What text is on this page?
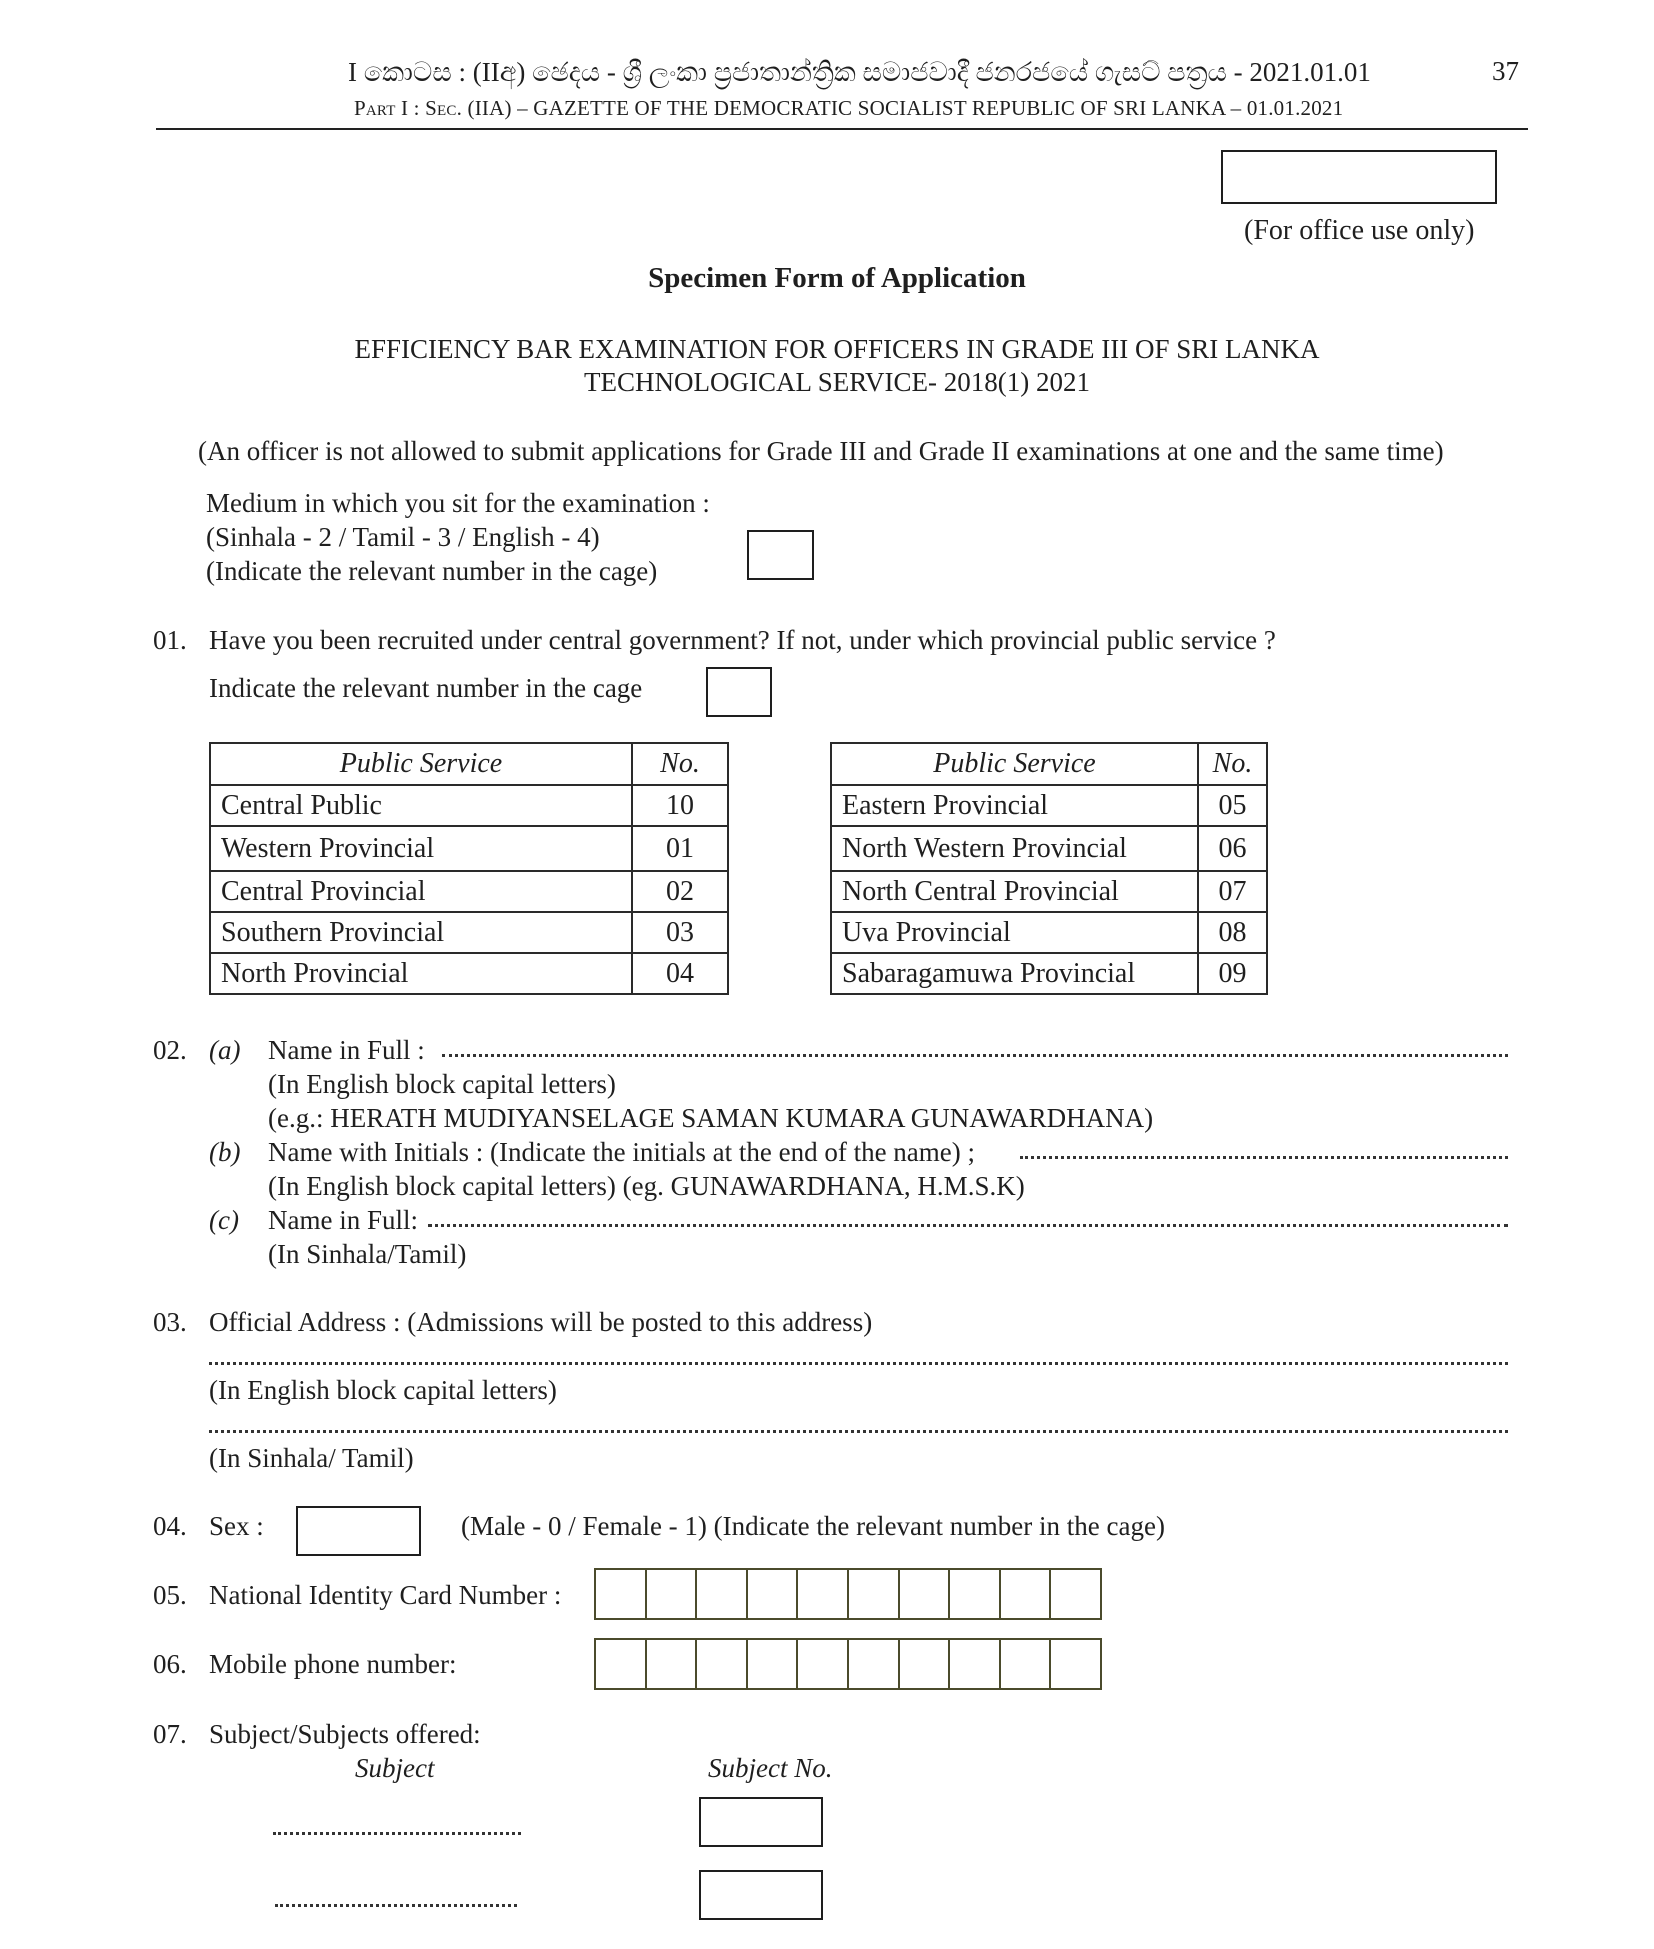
I කොටස : (IIඅ) ඡෙදය - ශ්‍රී ලංකා ප්‍රජාතාන්ත්‍රික සමාජවාදී ජනරජයේ ගැසට් පත්‍රය - 2021.01.01	37
Part I : Sec. (IIA) – GAZETTE OF THE DEMOCRATIC SOCIALIST REPUBLIC OF SRI LANKA – 01.01.2021
(For office use only)
Specimen Form of Application
EFFICIENCY BAR EXAMINATION FOR OFFICERS IN GRADE III OF SRI LANKA
TECHNOLOGICAL SERVICE- 2018(1) 2021
(An officer is not allowed to submit applications for Grade III and Grade II examinations at one and the same time)
Medium in which you sit for the examination :
(Sinhala - 2 / Tamil - 3 / English - 4)
(Indicate the relevant number in the cage)
01. Have you been recruited under central government? If not, under which provincial public service ?
Indicate the relevant number in the cage
Public Service	No.
Central Public	10
Western Provincial	01
Central Provincial	02
Southern Provincial	03
North Provincial	04
Public Service	No.
Eastern Provincial	05
North Western Provincial	06
North Central Provincial	07
Uva Provincial	08
Sabaragamuwa Provincial	09
02. (a) Name in Full :
(In English block capital letters)
(e.g.: HERATH MUDIYANSELAGE SAMAN KUMARA GUNAWARDHANA)
(b) Name with Initials : (Indicate the initials at the end of the name) ;
(In English block capital letters) (eg. GUNAWARDHANA, H.M.S.K)
(c) Name in Full:
(In Sinhala/Tamil)
03. Official Address : (Admissions will be posted to this address)
(In English block capital letters)
(In Sinhala/ Tamil)
04. Sex :	(Male - 0 / Female - 1) (Indicate the relevant number in the cage)
05. National Identity Card Number :
06. Mobile phone number:
07. Subject/Subjects offered:
Subject	Subject No.
